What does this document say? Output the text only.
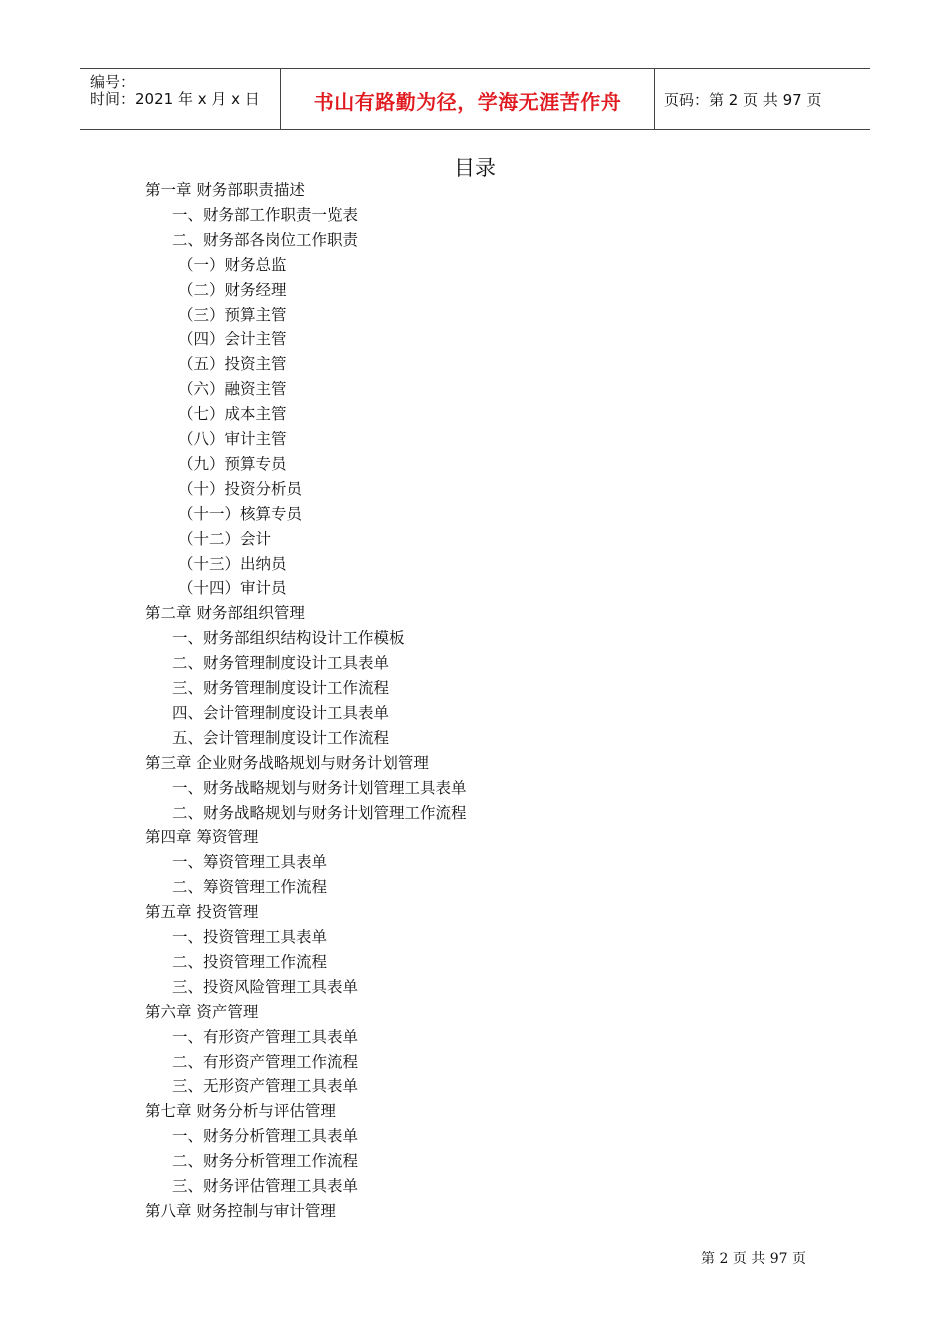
编号：
时间：2021 年 x 月 x 日	书山有路勤为径，学海无涯苦作舟	页码：第 2 页 共 97 页
目录
第一章 财务部职责描述
一、财务部工作职责一览表
二、财务部各岗位工作职责
（一）财务总监
（二）财务经理
（三）预算主管
（四）会计主管
（五）投资主管
（六）融资主管
（七）成本主管
（八）审计主管
（九）预算专员
（十）投资分析员
（十一）核算专员
（十二）会计
（十三）出纳员
（十四）审计员
第二章 财务部组织管理
一、财务部组织结构设计工作模板
二、财务管理制度设计工具表单
三、财务管理制度设计工作流程
四、会计管理制度设计工具表单
五、会计管理制度设计工作流程
第三章 企业财务战略规划与财务计划管理
一、财务战略规划与财务计划管理工具表单
二、财务战略规划与财务计划管理工作流程
第四章 筹资管理
一、筹资管理工具表单
二、筹资管理工作流程
第五章 投资管理
一、投资管理工具表单
二、投资管理工作流程
三、投资风险管理工具表单
第六章 资产管理
一、有形资产管理工具表单
二、有形资产管理工作流程
三、无形资产管理工具表单
第七章 财务分析与评估管理
一、财务分析管理工具表单
二、财务分析管理工作流程
三、财务评估管理工具表单
第八章 财务控制与审计管理
第 2 页 共 97 页
